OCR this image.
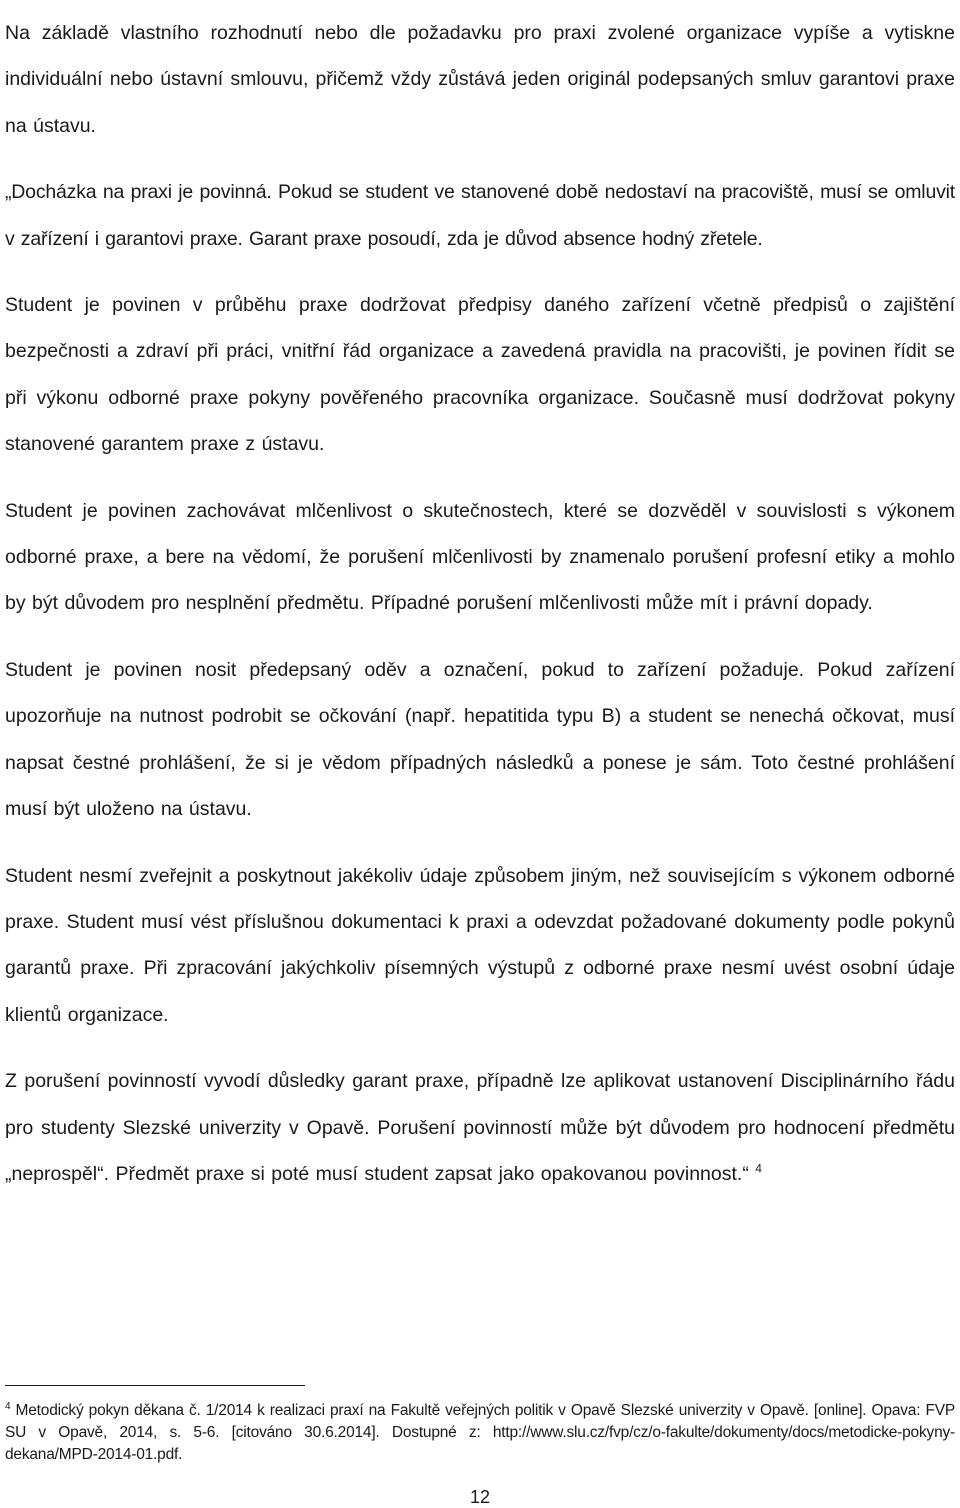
Na základě vlastního rozhodnutí nebo dle požadavku pro praxi zvolené organizace vypíše a vytiskne individuální nebo ústavní smlouvu, přičemž vždy zůstává jeden originál podepsaných smluv garantovi praxe na ústavu.

„Docházka na praxi je povinná. Pokud se student ve stanovené době nedostaví na pracoviště, musí se omluvit v zařízení i garantovi praxe. Garant praxe posoudí, zda je důvod absence hodný zřetele.

Student je povinen v průběhu praxe dodržovat předpisy daného zařízení včetně předpisů o zajištění bezpečnosti a zdraví při práci, vnitřní řád organizace a zavedená pravidla na pracovišti, je povinen řídit se při výkonu odborné praxe pokyny pověřeného pracovníka organizace. Současně musí dodržovat pokyny stanovené garantem praxe z ústavu.

Student je povinen zachovávat mlčenlivost o skutečnostech, které se dozvěděl v souvislosti s výkonem odborné praxe, a bere na vědomí, že porušení mlčenlivosti by znamenalo porušení profesní etiky a mohlo by být důvodem pro nesplnění předmětu. Případné porušení mlčenlivosti může mít i právní dopady.

Student je povinen nosit předepsaný oděv a označení, pokud to zařízení požaduje. Pokud zařízení upozorňuje na nutnost podrobit se očkování (např. hepatitida typu B) a student se nenechá očkovat, musí napsat čestné prohlášení, že si je vědom případných následků a ponese je sám. Toto čestné prohlášení musí být uloženo na ústavu.

Student nesmí zveřejnit a poskytnout jakékoliv údaje způsobem jiným, než souvisejícím s výkonem odborné praxe. Student musí vést příslušnou dokumentaci k praxi a odevzdat požadované dokumenty podle pokynů garantů praxe. Při zpracování jakýchkoliv písemných výstupů z odborné praxe nesmí uvést osobní údaje klientů organizace.

Z porušení povinností vyvodí důsledky garant praxe, případně lze aplikovat ustanovení Disciplinárního řádu pro studenty Slezské univerzity v Opavě. Porušení povinností může být důvodem pro hodnocení předmětu „neprospěl“. Předmět praxe si poté musí student zapsat jako opakovanou povinnost.“ $^4$

$^4$ Metodický pokyn děkana č. 1/2014 k realizaci praxí na Fakultě veřejných politik v Opavě Slezské univerzity v Opavě. [online]. Opava: FVP SU v Opavě, 2014, s. 5-6. [citováno 30.6.2014]. Dostupné z: http://www.slu.cz/fvp/cz/o-fakulte/dokumenty/docs/metodicke-pokyny-dekana/MPD-2014-01.pdf.
12
